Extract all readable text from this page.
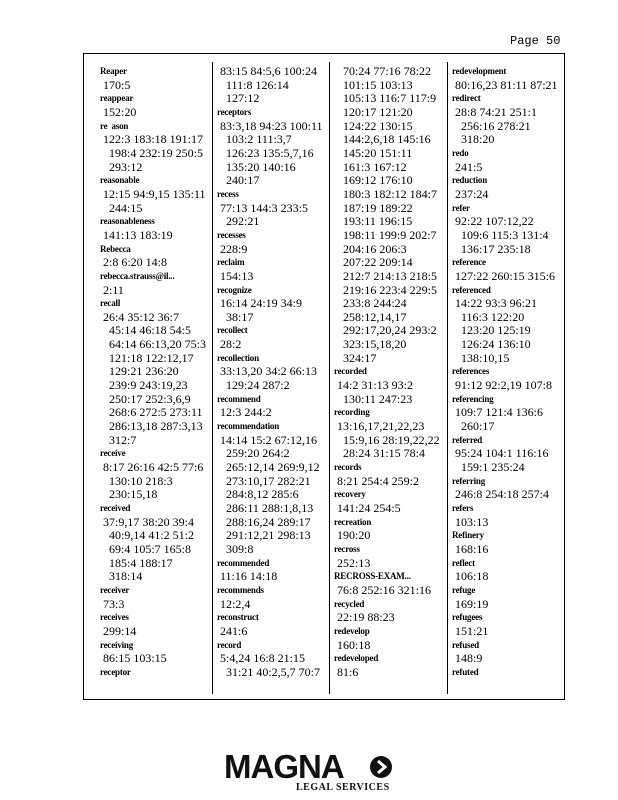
Page 50
Reaper
170:5
reappear
152:20
re  ason
122:3 183:18 191:17
198:4 232:19 250:5
293:12
reasonable
12:15 94:9,15 135:11
244:15
reasonableness
141:13 183:19
Rebecca
2:8 6:20 14:8
rebecca.strauss@il...
2:11
recall
26:4 35:12 36:7
45:14 46:18 54:5
64:14 66:13,20 75:3
121:18 122:12,17
129:21 236:20
239:9 243:19,23
250:17 252:3,6,9
268:6 272:5 273:11
286:13,18 287:3,13
312:7
receive
8:17 26:16 42:5 77:6
130:10 218:3
230:15,18
received
37:9,17 38:20 39:4
40:9,14 41:2 51:2
69:4 105:7 165:8
185:4 188:17
318:14
receiver
73:3
receives
299:14
receiving
86:15 103:15
receptor
83:15 84:5,6 100:24
111:8 126:14
127:12
receptors
83:3,18 94:23 100:11
103:2 111:3,7
126:23 135:5,7,16
135:20 140:16
240:17
recess
77:13 144:3 233:5
292:21
recesses
228:9
reclaim
154:13
recognize
16:14 24:19 34:9
38:17
recollect
28:2
recollection
33:13,20 34:2 66:13
129:24 287:2
recommend
12:3 244:2
recommendation
14:14 15:2 67:12,16
259:20 264:2
265:12,14 269:9,12
273:10,17 282:21
284:8,12 285:6
286:11 288:1,8,13
288:16,24 289:17
291:12,21 298:13
309:8
recommended
11:16 14:18
recommends
12:2,4
reconstruct
241:6
record
5:4,24 16:8 21:15
31:21 40:2,5,7 70:7
70:24 77:16 78:22
101:15 103:13
105:13 116:7 117:9
120:17 121:20
124:22 130:15
144:2,6,18 145:16
145:20 151:11
161:3 167:12
169:12 176:10
180:3 182:12 184:7
187:19 189:22
193:11 196:15
198:11 199:9 202:7
204:16 206:3
207:22 209:14
212:7 214:13 218:5
219:16 223:4 229:5
233:8 244:24
258:12,14,17
292:17,20,24 293:2
323:15,18,20
324:17
recorded
14:2 31:13 93:2
130:11 247:23
recording
13:16,17,21,22,23
15:9,16 28:19,22,22
28:24 31:15 78:4
records
8:21 254:4 259:2
recovery
141:24 254:5
recreation
190:20
recross
252:13
RECROSS-EXAM...
76:8 252:16 321:16
recycled
22:19 88:23
redevelop
160:18
redeveloped
81:6
redevelopment
80:16,23 81:11 87:21
redirect
28:8 74:21 251:1
256:16 278:21
318:20
redo
241:5
reduction
237:24
refer
92:22 107:12,22
109:6 115:3 131:4
136:17 235:18
reference
127:22 260:15 315:6
referenced
14:22 93:3 96:21
116:3 122:20
123:20 125:19
126:24 136:10
138:10,15
references
91:12 92:2,19 107:8
referencing
109:7 121:4 136:6
260:17
referred
95:24 104:1 116:16
159:1 235:24
referring
246:8 254:18 257:4
refers
103:13
Refinery
168:16
reflect
106:18
refuge
169:19
refugees
151:21
refused
148:9
refuted
MAGNA
LEGAL SERVICES
